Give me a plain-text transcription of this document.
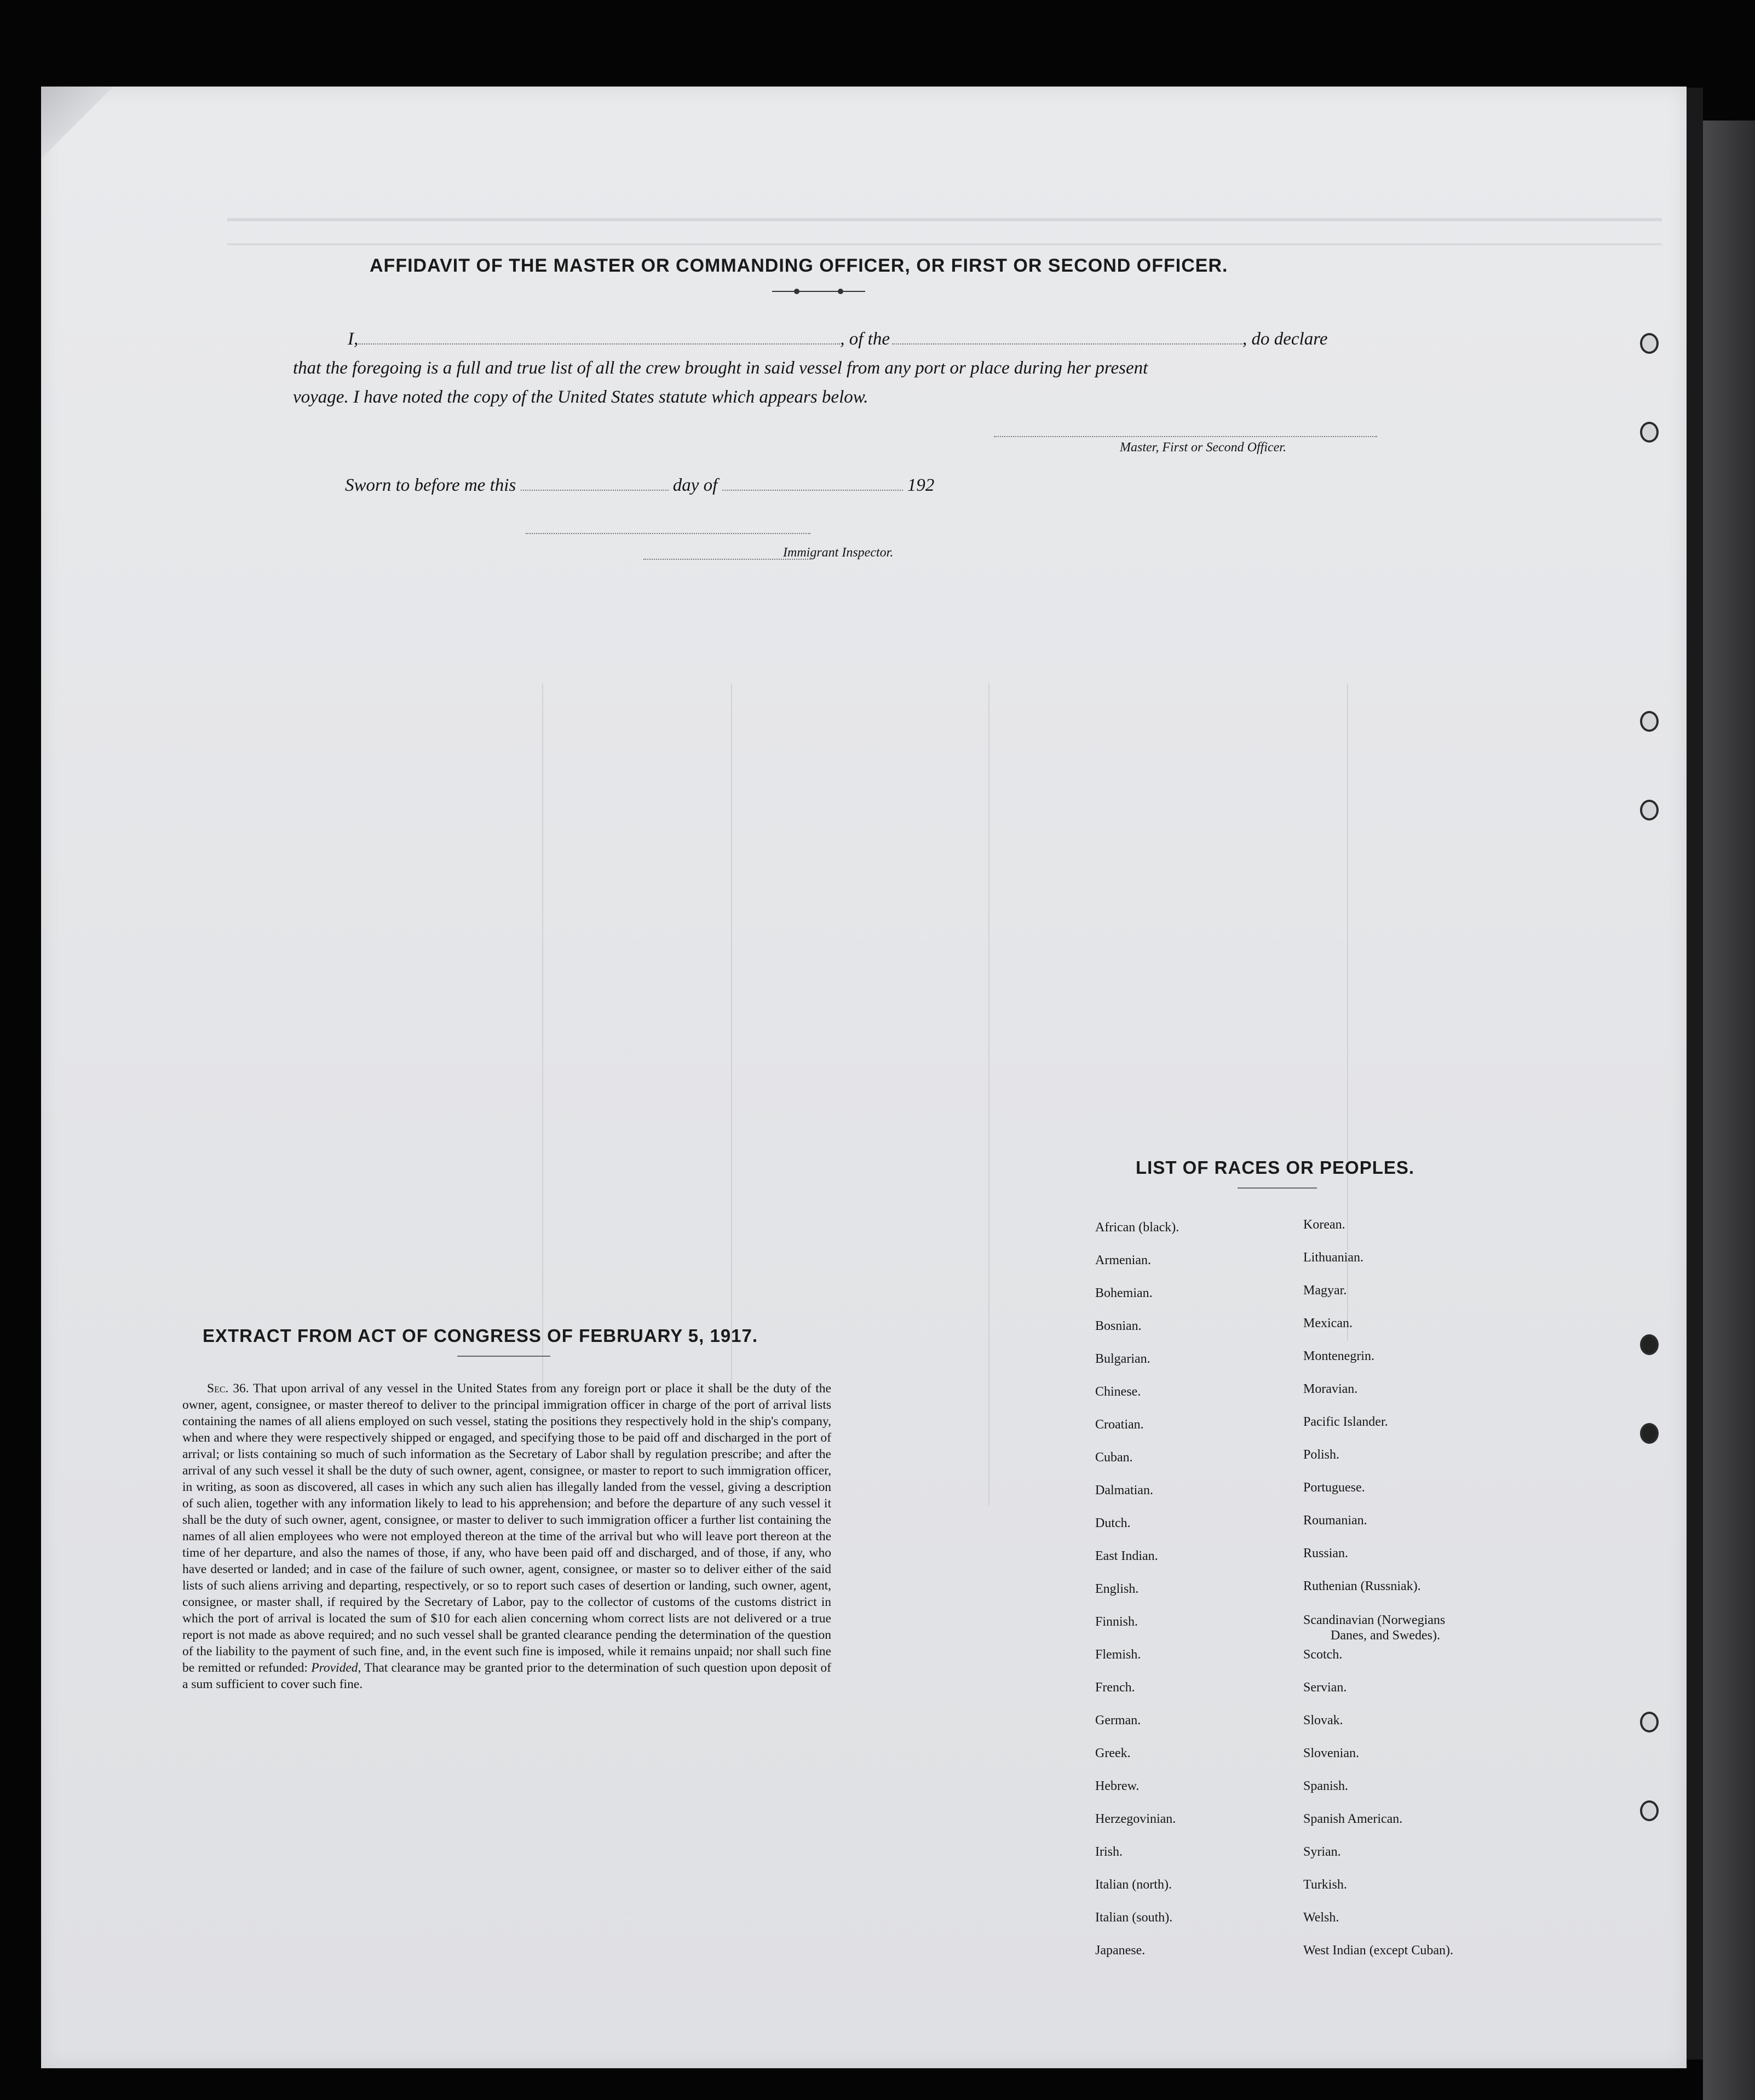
AFFIDAVIT OF THE MASTER OR COMMANDING OFFICER, OR FIRST OR SECOND OFFICER.
I,	, of the	, do declare
that the foregoing is a full and true list of all the crew brought in said vessel from any port or place during her present
voyage. I have noted the copy of the United States statute which appears below.
Master, First or Second Officer.
Sworn to before me this	day of	192
Immigrant Inspector.
EXTRACT FROM ACT OF CONGRESS OF FEBRUARY 5, 1917.
Sec. 36. That upon arrival of any vessel in the United States from any foreign port or place it shall be the duty of the owner, agent, consignee, or master thereof to deliver to the principal immigration officer in charge of the port of arrival lists containing the names of all aliens employed on such vessel, stating the positions they respectively hold in the ship's company, when and where they were respectively shipped or engaged, and specifying those to be paid off and discharged in the port of arrival; or lists containing so much of such information as the Secretary of Labor shall by regulation prescribe; and after the arrival of any such vessel it shall be the duty of such owner, agent, consignee, or master to report to such immigration officer, in writing, as soon as discovered, all cases in which any such alien has illegally landed from the vessel, giving a description of such alien, together with any information likely to lead to his apprehension; and before the departure of any such vessel it shall be the duty of such owner, agent, consignee, or master to deliver to such immigration officer a further list containing the names of all alien employees who were not employed thereon at the time of the arrival but who will leave port thereon at the time of her departure, and also the names of those, if any, who have been paid off and discharged, and of those, if any, who have deserted or landed; and in case of the failure of such owner, agent, consignee, or master so to deliver either of the said lists of such aliens arriving and departing, respectively, or so to report such cases of desertion or landing, such owner, agent, consignee, or master shall, if required by the Secretary of Labor, pay to the collector of customs of the customs district in which the port of arrival is located the sum of $10 for each alien concerning whom correct lists are not delivered or a true report is not made as above required; and no such vessel shall be granted clearance pending the determination of the question of the liability to the payment of such fine, and, in the event such fine is imposed, while it remains unpaid; nor shall such fine be remitted or refunded: Provided, That clearance may be granted prior to the determination of such question upon deposit of a sum sufficient to cover such fine.
LIST OF RACES OR PEOPLES.
African (black).
Armenian.
Bohemian.
Bosnian.
Bulgarian.
Chinese.
Croatian.
Cuban.
Dalmatian.
Dutch.
East Indian.
English.
Finnish.
Flemish.
French.
German.
Greek.
Hebrew.
Herzegovinian.
Irish.
Italian (north).
Italian (south).
Japanese.
Korean.
Lithuanian.
Magyar.
Mexican.
Montenegrin.
Moravian.
Pacific Islander.
Polish.
Portuguese.
Roumanian.
Russian.
Ruthenian (Russniak).
Scandinavian (Norwegians
Danes, and Swedes).
Scotch.
Servian.
Slovak.
Slovenian.
Spanish.
Spanish American.
Syrian.
Turkish.
Welsh.
West Indian (except Cuban).
